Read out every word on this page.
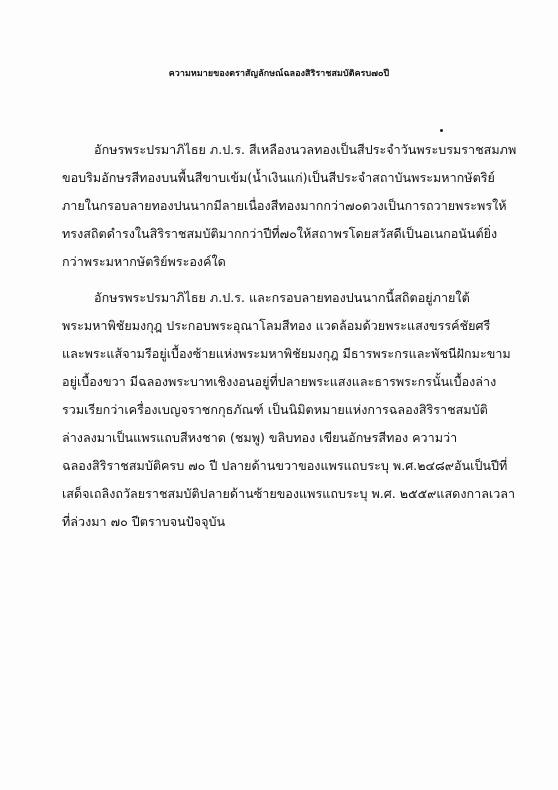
ความหมายของตราสัญลักษณ์ฉลองสิริราชสมบัติครบ๗๐ปี
อักษรพระปรมาภิไธย ภ.ป.ร. สีเหลืองนวลทองเป็นสีประจำวันพระบรมราชสมภพ
ขอบริมอักษรสีทองบนพื้นสีขาบเข้ม(น้ำเงินแก่)เป็นสีประจำสถาบันพระมหากษัตริย์
ภายในกรอบลายทองปนนากมีลายเนื่องสีทองมากกว่า๗๐ดวงเป็นการถวายพระพรให้
ทรงสถิตดำรงในสิริราชสมบัติมากกว่าปีที่๗๐ให้สถาพรโดยสวัสดีเป็นอเนกอนันต์ยิ่ง
กว่าพระมหากษัตริย์พระองค์ใด
อักษรพระปรมาภิไธย ภ.ป.ร. และกรอบลายทองปนนากนี้สถิตอยู่ภายใต้
พระมหาพิชัยมงกุฎ ประกอบพระอุณาโลมสีทอง แวดล้อมด้วยพระแสงขรรค์ชัยศรี
และพระแส้จามรีอยู่เบื้องซ้ายแห่งพระมหาพิชัยมงกุฎ มีธารพระกรและพัชนีฝักมะขาม
อยู่เบื้องขวา มีฉลองพระบาทเชิงงอนอยู่ที่ปลายพระแสงและธารพระกรนั้นเบื้องล่าง
รวมเรียกว่าเครื่องเบญจราชกกุธภัณฑ์ เป็นนิมิตหมายแห่งการฉลองสิริราชสมบัติ
ล่างลงมาเป็นแพรแถบสีหงชาด (ชมพู) ขลิบทอง เขียนอักษรสีทอง ความว่า
ฉลองสิริราชสมบัติครบ ๗๐ ปี ปลายด้านขวาของแพรแถบระบุ พ.ศ.๒๔๘๙อันเป็นปีที่
เสด็จเถลิงถวัลยราชสมบัติปลายด้านซ้ายของแพรแถบระบุ พ.ศ. ๒๕๕๙แสดงกาลเวลา
ที่ล่วงมา ๗๐ ปีตราบจนปัจจุบัน
